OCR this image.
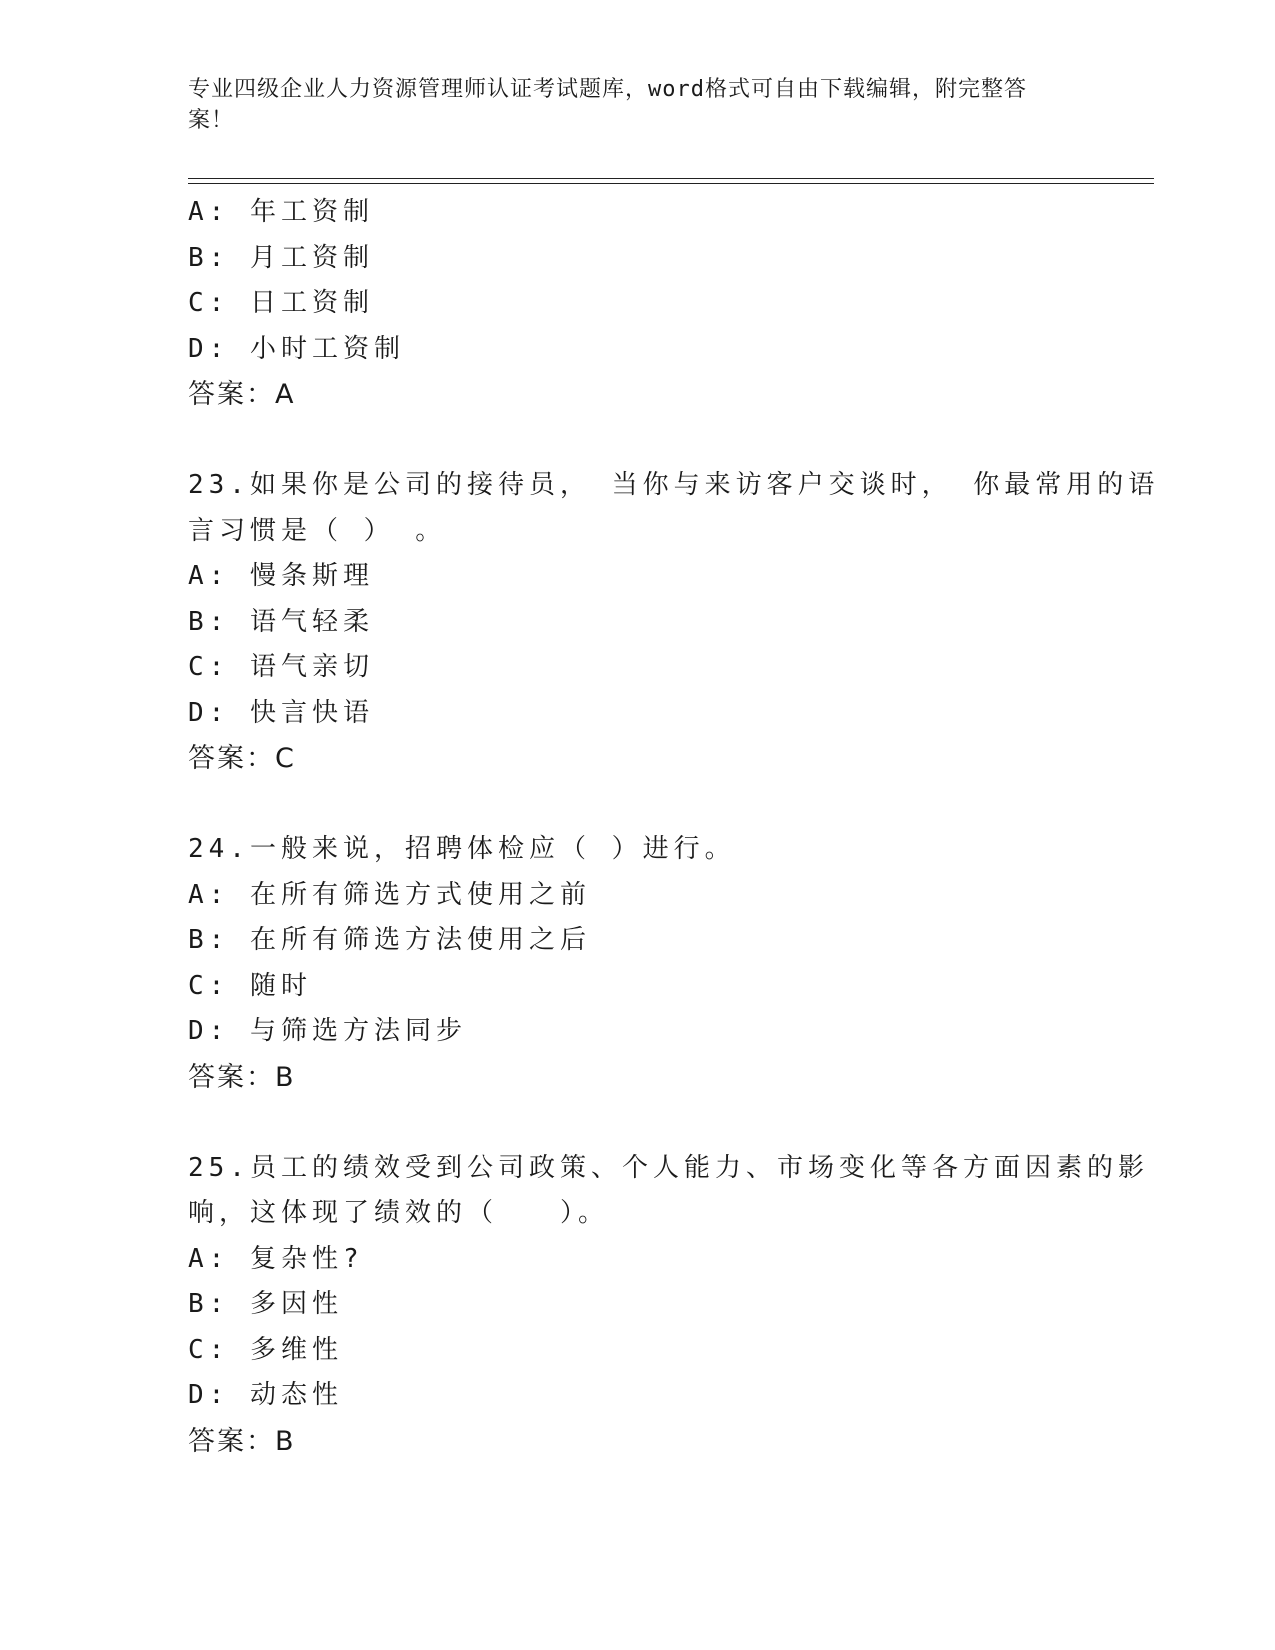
专业四级企业人力资源管理师认证考试题库，word格式可自由下载编辑，附完整答案！
A: 年工资制
B: 月工资制
C: 日工资制
D: 小时工资制
答案：A
23.如果你是公司的接待员， 当你与来访客户交谈时， 你最常用的语
言习惯是（ ） 。
A: 慢条斯理
B: 语气轻柔
C: 语气亲切
D: 快言快语
答案：C
24.一般来说，招聘体检应（ ）进行。
A: 在所有筛选方式使用之前
B: 在所有筛选方法使用之后
C: 随时
D: 与筛选方法同步
答案：B
25.员工的绩效受到公司政策、个人能力、市场变化等各方面因素的影
响，这体现了绩效的（　　）。
A: 复杂性?
B: 多因性
C: 多维性
D: 动态性
答案：B
